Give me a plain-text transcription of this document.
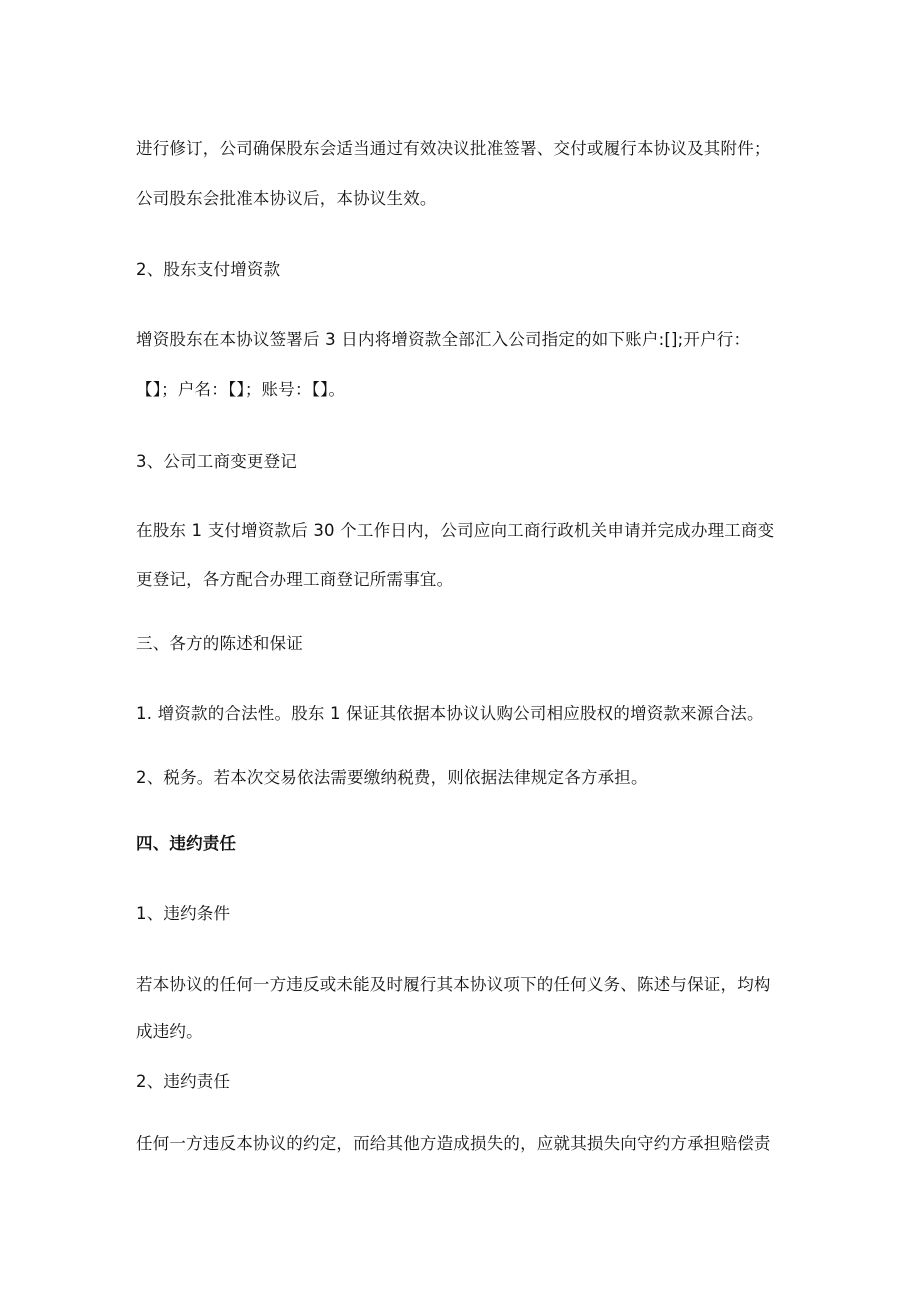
进行修订，公司确保股东会适当通过有效决议批准签署、交付或履行本协议及其附件；
公司股东会批准本协议后，本协议生效。
2、股东支付增资款
增资股东在本协议签署后 3 日内将增资款全部汇入公司指定的如下账户:[];开户行：
【】；户名：【】；账号：【】。
3、公司工商变更登记
在股东 1 支付增资款后 30 个工作日内，公司应向工商行政机关申请并完成办理工商变
更登记，各方配合办理工商登记所需事宜。
三、各方的陈述和保证
1. 增资款的合法性。股东 1 保证其依据本协议认购公司相应股权的增资款来源合法。
2、税务。若本次交易依法需要缴纳税费，则依据法律规定各方承担。
四、违约责任
1、违约条件
若本协议的任何一方违反或未能及时履行其本协议项下的任何义务、陈述与保证，均构
成违约。
2、违约责任
任何一方违反本协议的约定，而给其他方造成损失的，应就其损失向守约方承担赔偿责
